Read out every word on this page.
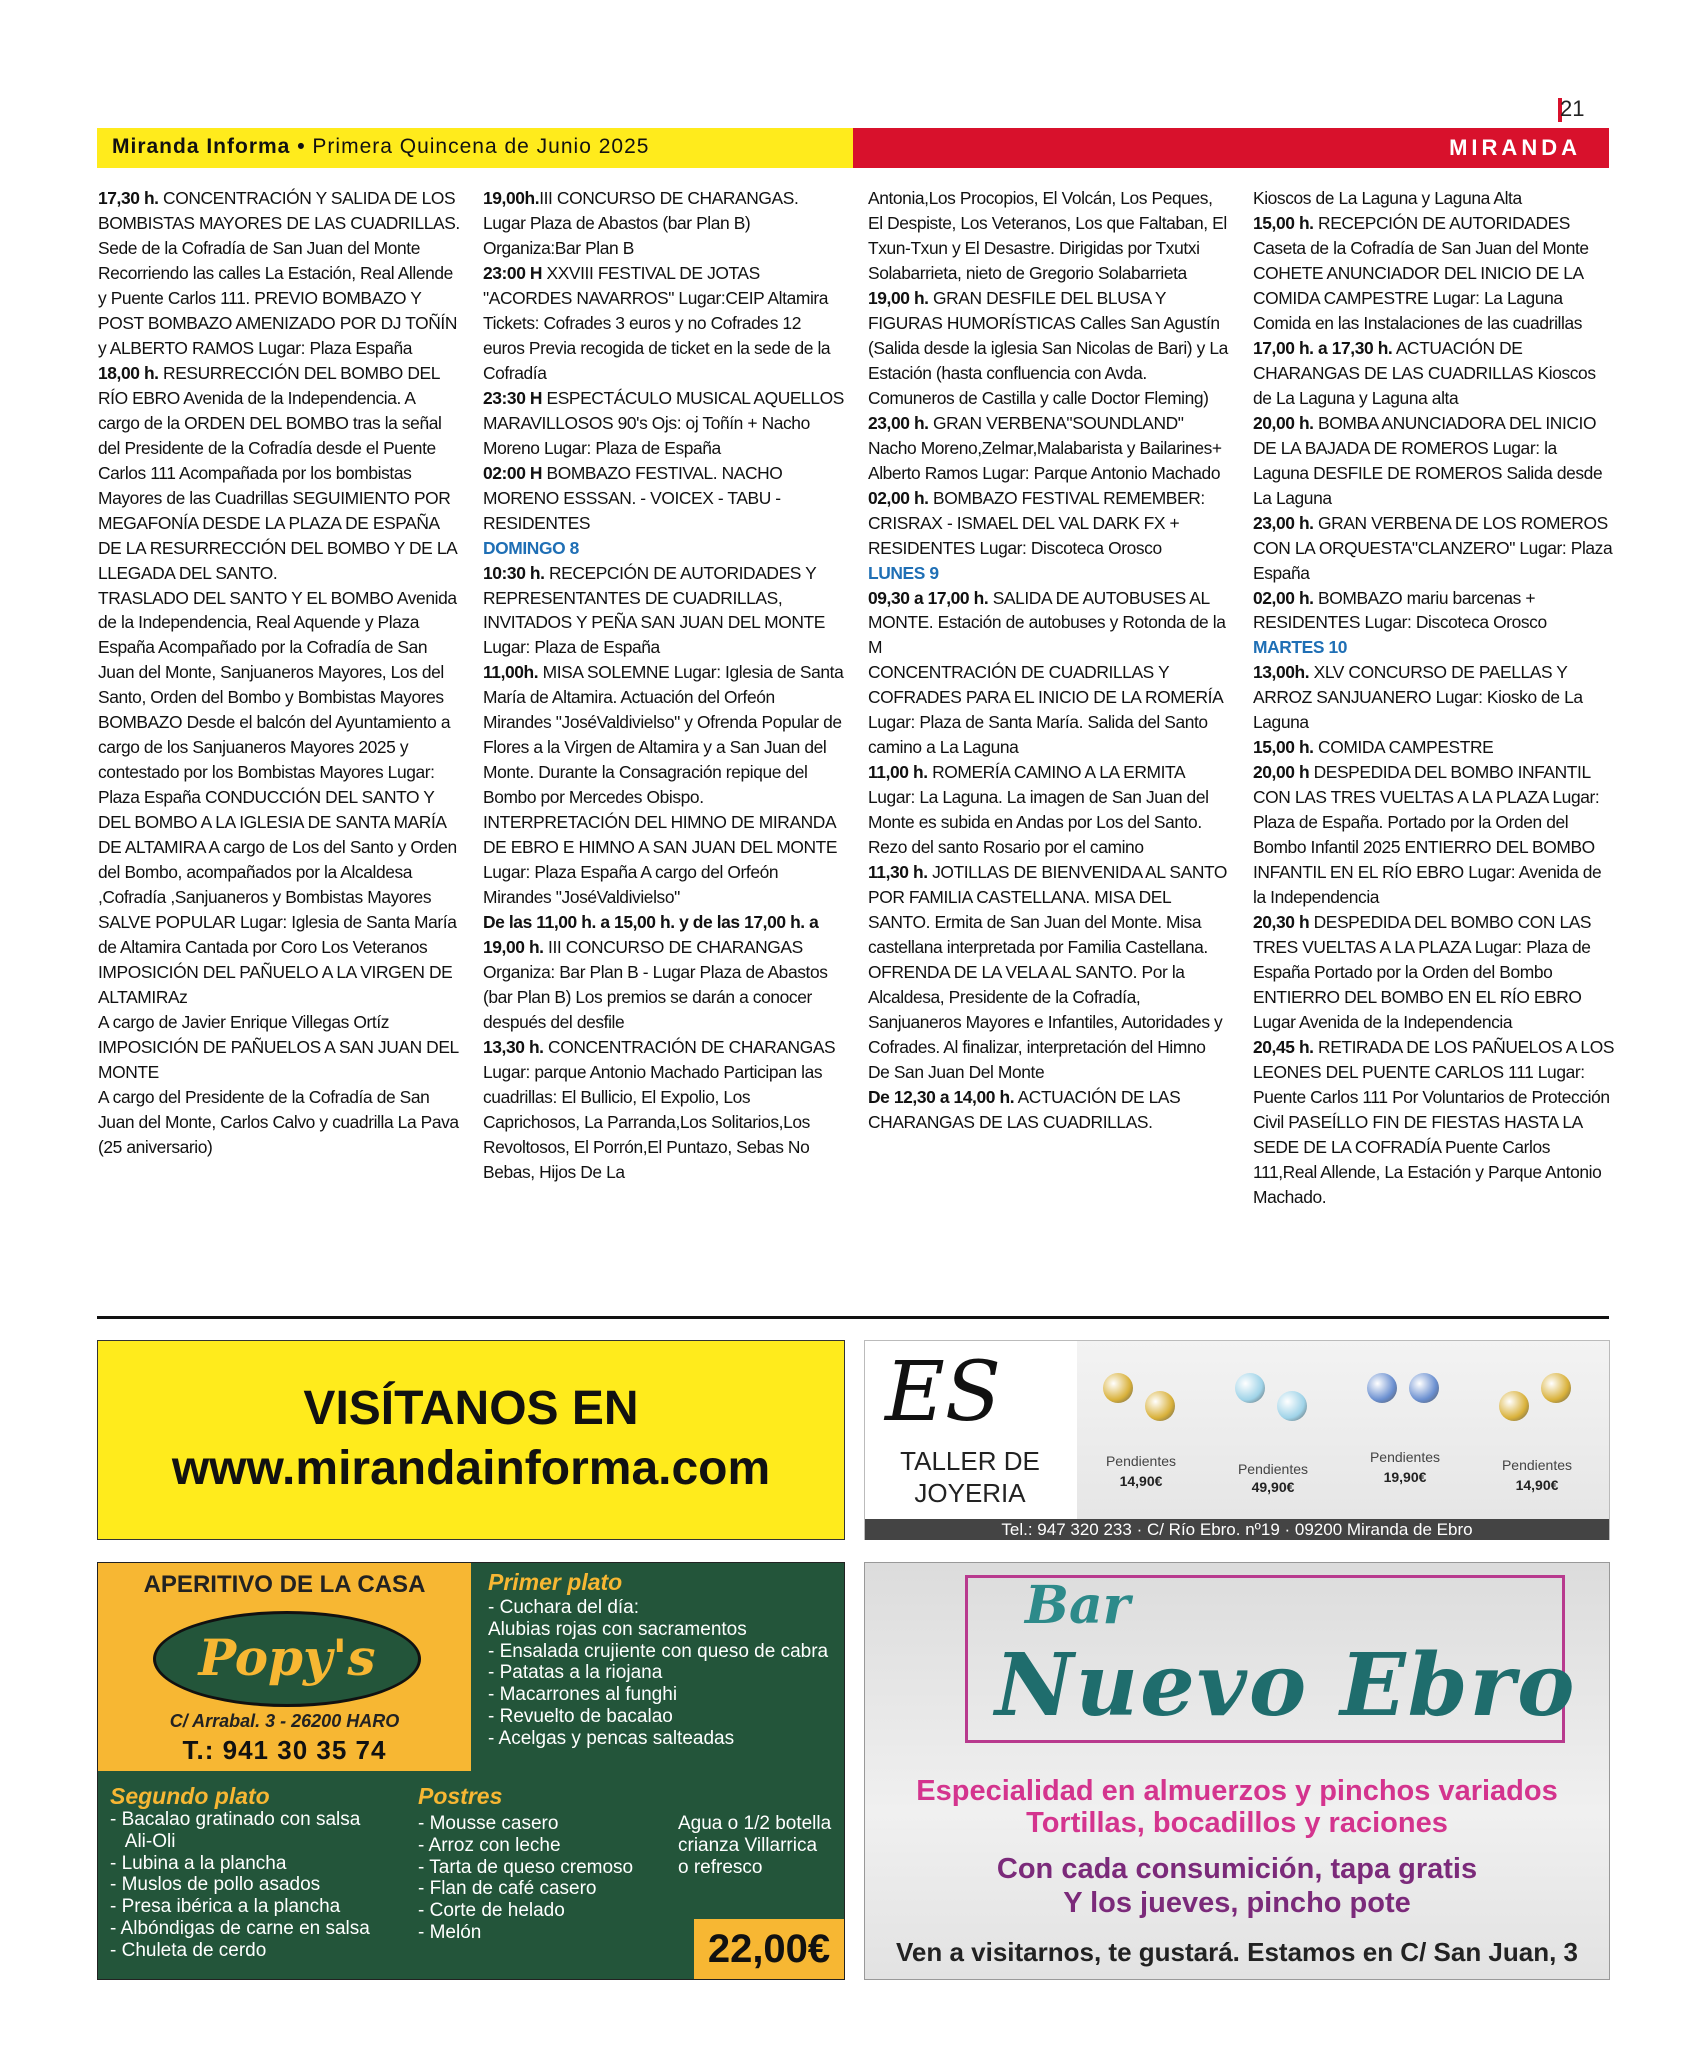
21
Miranda Informa • Primera Quincena de Junio 2025	MIRANDA

17,30 h. CONCENTRACIÓN Y SALIDA DE LOS BOMBISTAS MAYORES DE LAS CUADRILLAS. Sede de la Cofradía de San Juan del Monte Recorriendo las calles La Estación, Real Allende y Puente Carlos 111. PREVIO BOMBAZO Y POST BOMBAZO AMENIZADO POR DJ TOÑÍN y ALBERTO RAMOS Lugar: Plaza España

18,00 h. RESURRECCIÓN DEL BOMBO DEL RÍO EBRO Avenida de la Independencia. A cargo de la ORDEN DEL BOMBO tras la señal del Presidente de la Cofradía desde el Puente Carlos 111 Acompañada por los bombistas Mayores de las Cuadrillas SEGUIMIENTO POR MEGAFONÍA DESDE LA PLAZA DE ESPAÑA DE LA RESURRECCIÓN DEL BOMBO Y DE LA LLEGADA DEL SANTO.

TRASLADO DEL SANTO Y EL BOMBO Avenida de la Independencia, Real Aquende y Plaza España Acompañado por la Cofradía de San Juan del Monte, Sanjuaneros Mayores, Los del Santo, Orden del Bombo y Bombistas Mayores BOMBAZO Desde el balcón del Ayuntamiento a cargo de los Sanjuaneros Mayores 2025 y contestado por los Bombistas Mayores Lugar: Plaza España CONDUCCIÓN DEL SANTO Y DEL BOMBO A LA IGLESIA DE SANTA MARÍA DE ALTAMIRA A cargo de Los del Santo y Orden del Bombo, acompañados por la Alcaldesa ,Cofradía ,Sanjuaneros y Bombistas Mayores SALVE POPULAR Lugar: Iglesia de Santa María de Altamira Cantada por Coro Los Veteranos IMPOSICIÓN DEL PAÑUELO A LA VIRGEN DE ALTAMIRAz

A cargo de Javier Enrique Villegas Ortíz IMPOSICIÓN DE PAÑUELOS A SAN JUAN DEL MONTE

A cargo del Presidente de la Cofradía de San Juan del Monte, Carlos Calvo y cuadrilla La Pava (25 aniversario)

19,00h.III CONCURSO DE CHARANGAS. Lugar Plaza de Abastos (bar Plan B) Organiza:Bar Plan B

23:00 H XXVIII FESTIVAL DE JOTAS "ACORDES NAVARROS" Lugar:CEIP Altamira Tickets: Cofrades 3 euros y no Cofrades 12 euros Previa recogida de ticket en la sede de la Cofradía

23:30 H ESPECTÁCULO MUSICAL AQUELLOS MARAVILLOSOS 90's Ojs: oj Toñín + Nacho Moreno Lugar: Plaza de España

02:00 H BOMBAZO FESTIVAL. NACHO MORENO ESSSAN. - VOICEX - TABU - RESIDENTES

DOMINGO 8

10:30 h. RECEPCIÓN DE AUTORIDADES Y REPRESENTANTES DE CUADRILLAS, INVITADOS Y PEÑA SAN JUAN DEL MONTE Lugar: Plaza de España

11,00h. MISA SOLEMNE Lugar: Iglesia de Santa María de Altamira. Actuación del Orfeón Mirandes "JoséValdivielso" y Ofrenda Popular de Flores a la Virgen de Altamira y a San Juan del Monte. Durante la Consagración repique del Bombo por Mercedes Obispo.

INTERPRETACIÓN DEL HIMNO DE MIRANDA DE EBRO E HIMNO A SAN JUAN DEL MONTE Lugar: Plaza España A cargo del Orfeón Mirandes "JoséValdivielso"

De las 11,00 h. a 15,00 h. y de las 17,00 h. a 19,00 h. III CONCURSO DE CHARANGAS

Organiza: Bar Plan B - Lugar Plaza de Abastos (bar Plan B) Los premios se darán a conocer después del desfile

13,30 h. CONCENTRACIÓN DE CHARANGAS Lugar: parque Antonio Machado Participan las cuadrillas: El Bullicio, El Expolio, Los Caprichosos, La Parranda,Los Solitarios,Los Revoltosos, El Porrón,El Puntazo, Sebas No Bebas, Hijos De La

Antonia,Los Procopios, El Volcán, Los Peques, El Despiste, Los Veteranos, Los que Faltaban, El Txun-Txun y El Desastre. Dirigidas por Txutxi Solabarrieta, nieto de Gregorio Solabarrieta

19,00 h. GRAN DESFILE DEL BLUSA Y FIGURAS HUMORÍSTICAS Calles San Agustín (Salida desde la iglesia San Nicolas de Bari) y La Estación (hasta confluencia con Avda. Comuneros de Castilla y calle Doctor Fleming)

23,00 h. GRAN VERBENA"SOUNDLAND" Nacho Moreno,Zelmar,Malabarista y Bailarines+ Alberto Ramos Lugar: Parque Antonio Machado

02,00 h. BOMBAZO FESTIVAL REMEMBER: CRISRAX - ISMAEL DEL VAL DARK FX + RESIDENTES Lugar: Discoteca Orosco

LUNES 9

09,30 a 17,00 h. SALIDA DE AUTOBUSES AL MONTE. Estación de autobuses y Rotonda de la M

CONCENTRACIÓN DE CUADRILLAS Y COFRADES PARA EL INICIO DE LA ROMERÍA Lugar: Plaza de Santa María. Salida del Santo camino a La Laguna

11,00 h. ROMERÍA CAMINO A LA ERMITA Lugar: La Laguna. La imagen de San Juan del Monte es subida en Andas por Los del Santo. Rezo del santo Rosario por el camino

11,30 h. JOTILLAS DE BIENVENIDA AL SANTO POR FAMILIA CASTELLANA. MISA DEL SANTO. Ermita de San Juan del Monte. Misa castellana interpretada por Familia Castellana. OFRENDA DE LA VELA AL SANTO. Por la Alcaldesa, Presidente de la Cofradía, Sanjuaneros Mayores e Infantiles, Autoridades y Cofrades. Al finalizar, interpretación del Himno De San Juan Del Monte

De 12,30 a 14,00 h. ACTUACIÓN DE LAS CHARANGAS DE LAS CUADRILLAS.

Kioscos de La Laguna y Laguna Alta

15,00 h. RECEPCIÓN DE AUTORIDADES Caseta de la Cofradía de San Juan del Monte COHETE ANUNCIADOR DEL INICIO DE LA COMIDA CAMPESTRE Lugar: La Laguna Comida en las Instalaciones de las cuadrillas

17,00 h. a 17,30 h. ACTUACIÓN DE CHARANGAS DE LAS CUADRILLAS Kioscos de La Laguna y Laguna alta

20,00 h. BOMBA ANUNCIADORA DEL INICIO DE LA BAJADA DE ROMEROS Lugar: la Laguna DESFILE DE ROMEROS Salida desde La Laguna

23,00 h. GRAN VERBENA DE LOS ROMEROS CON LA ORQUESTA"CLANZERO" Lugar: Plaza España

02,00 h. BOMBAZO mariu barcenas + RESIDENTES Lugar: Discoteca Orosco

MARTES 10

13,00h. XLV CONCURSO DE PAELLAS Y ARROZ SANJUANERO Lugar: Kiosko de La Laguna

15,00 h. COMIDA CAMPESTRE

20,00 h DESPEDIDA DEL BOMBO INFANTIL CON LAS TRES VUELTAS A LA PLAZA Lugar: Plaza de España. Portado por la Orden del Bombo Infantil 2025 ENTIERRO DEL BOMBO INFANTIL EN EL RÍO EBRO Lugar: Avenida de la Independencia

20,30 h DESPEDIDA DEL BOMBO CON LAS TRES VUELTAS A LA PLAZA Lugar: Plaza de España Portado por la Orden del Bombo ENTIERRO DEL BOMBO EN EL RÍO EBRO Lugar Avenida de la Independencia

20,45 h. RETIRADA DE LOS PAÑUELOS A LOS LEONES DEL PUENTE CARLOS 111 Lugar: Puente Carlos 111 Por Voluntarios de Protección Civil PASEÍLLO FIN DE FIESTAS HASTA LA SEDE DE LA COFRADÍA Puente Carlos 111,Real Allende, La Estación y Parque Antonio Machado.

VISÍTANOS EN
www.mirandainforma.com
ES
TALLER DE
JOYERIA
Pendientes
14,90€
Pendientes
49,90€
Pendientes
19,90€
Pendientes
14,90€
Tel.: 947 320 233 · C/ Río Ebro. nº19 · 09200 Miranda de Ebro
APERITIVO DE LA CASA
Popy's
C/ Arrabal. 3 - 26200 HARO
T.: 941 30 35 74
Primer plato
- Cuchara del día:
Alubias rojas con sacramentos
- Ensalada crujiente con queso de cabra
- Patatas a la riojana
- Macarrones al funghi
- Revuelto de bacalao
- Acelgas y pencas salteadas
Segundo plato
- Bacalao gratinado con salsa
Ali-Oli
- Lubina a la plancha
- Muslos de pollo asados
- Presa ibérica a la plancha
- Albóndigas de carne en salsa
- Chuleta de cerdo
Postres
- Mousse casero
- Arroz con leche
- Tarta de queso cremoso
- Flan de café casero
- Corte de helado
- Melón
Agua o 1/2 botella
crianza Villarrica
o refresco
22,00€
Bar
Nuevo Ebro
Especialidad en almuerzos y pinchos variados
Tortillas, bocadillos y raciones
Con cada consumición, tapa gratis
Y los jueves, pincho pote
Ven a visitarnos, te gustará. Estamos en C/ San Juan, 3
